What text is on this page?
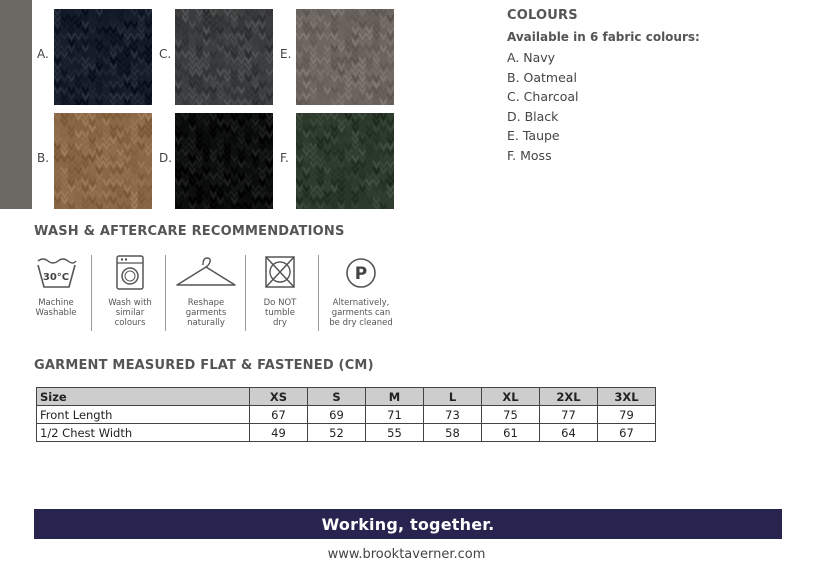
A.
B.
C.
D.
E.
F.
COLOURS
Available in 6 fabric colours:
A. Navy
B. Oatmeal
C. Charcoal
D. Black
E. Taupe
F. Moss
WASH & AFTERCARE RECOMMENDATIONS
30°C
Machine
Washable
Wash with
similar
colours
Reshape
garments
naturally
Do NOT
tumble
dry
P
Alternatively,
garments can
be dry cleaned
GARMENT MEASURED FLAT & FASTENED (CM)
Size	XS	S	M	L	XL	2XL	3XL
Front Length	67	69	71	73	75	77	79
1/2 Chest Width	49	52	55	58	61	64	67
Working, together.
www.brooktaverner.com
